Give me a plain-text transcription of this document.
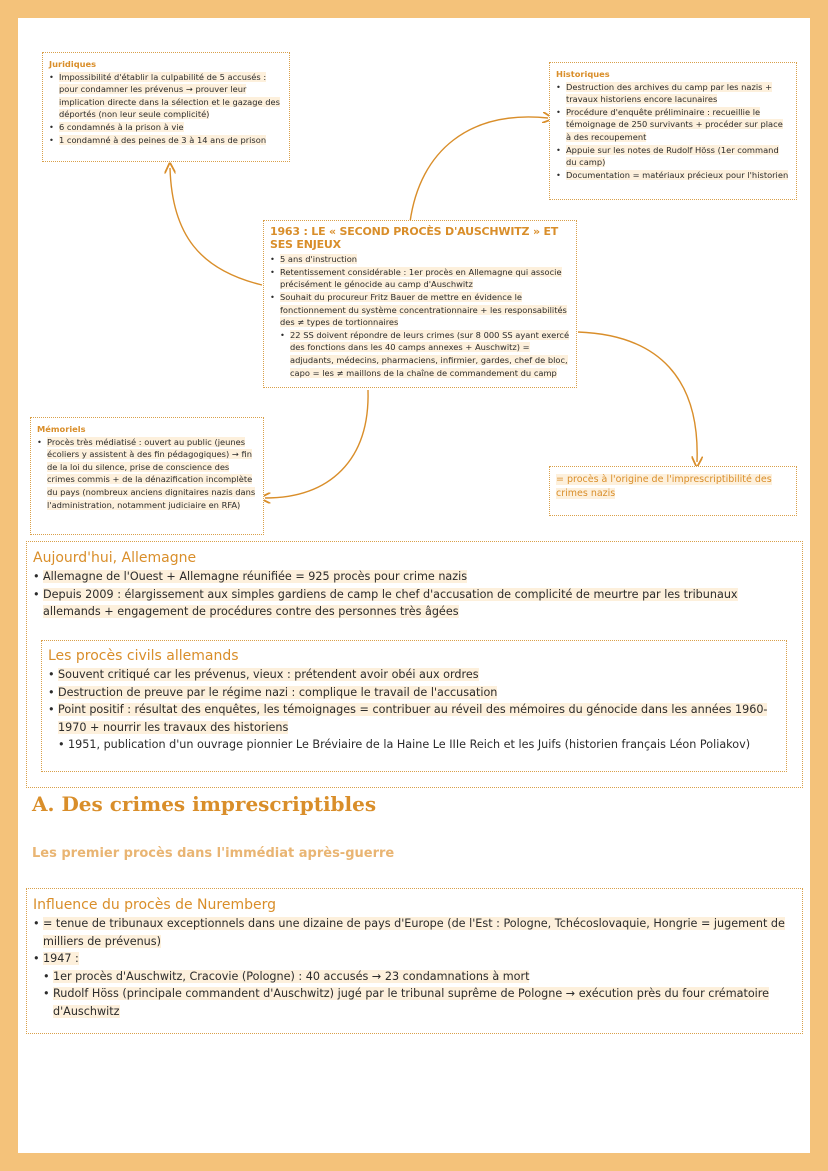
Juridiques
• Impossibilité d'établir la culpabilité de 5 accusés : pour condamner les prévenus → prouver leur implication directe dans la sélection et le gazage des déportés (non leur seule complicité)
• 6 condamnés à la prison à vie
• 1 condamné à des peines de 3 à 14 ans de prison
Historiques
• Destruction des archives du camp par les nazis + travaux historiens encore lacunaires
• Procédure d'enquête préliminaire : recueillie le témoignage de 250 survivants + procéder sur place à des recoupement
• Appuie sur les notes de Rudolf Höss (1er command du camp)
• Documentation = matériaux précieux pour l'historien
1963 : LE « SECOND PROCÈS D'AUSCHWITZ » ET SES ENJEUX
• 5 ans d'instruction
• Retentissement considérable : 1er procès en Allemagne qui associe précisément le génocide au camp d'Auschwitz
• Souhait du procureur Fritz Bauer de mettre en évidence le fonctionnement du système concentrationnaire + les responsabilités des ≠ types de tortionnaires
• 22 SS doivent répondre de leurs crimes (sur 8 000 SS ayant exercé des fonctions dans les 40 camps annexes + Auschwitz) = adjudants, médecins, pharmaciens, infirmier, gardes, chef de bloc, capo = les ≠ maillons de la chaîne de commandement du camp
Mémoriels
• Procès très médiatisé : ouvert au public (jeunes écoliers y assistent à des fin pédagogiques) → fin de la loi du silence, prise de conscience des crimes commis + de la dénazification incomplète du pays (nombreux anciens dignitaires nazis dans l'administration, notamment judiciaire en RFA)
= procès à l'origine de l'imprescriptibilité des crimes nazis
Aujourd'hui, Allemagne
• Allemagne de l'Ouest + Allemagne réunifiée = 925 procès pour crime nazis
• Depuis 2009 : élargissement aux simples gardiens de camp le chef d'accusation de complicité de meurtre par les tribunaux allemands + engagement de procédures contre des personnes très âgées
Les procès civils allemands
• Souvent critiqué car les prévenus, vieux : prétendent avoir obéi aux ordres
• Destruction de preuve par le régime nazi : complique le travail de l'accusation
• Point positif : résultat des enquêtes, les témoignages = contribuer au réveil des mémoires du génocide dans les années 1960-1970 + nourrir les travaux des historiens
• 1951, publication d'un ouvrage pionnier Le Bréviaire de la Haine Le IIIe Reich et les Juifs (historien français Léon Poliakov)
A. Des crimes imprescriptibles
Les premier procès dans l'immédiat après-guerre
Influence du procès de Nuremberg
• = tenue de tribunaux exceptionnels dans une dizaine de pays d'Europe (de l'Est : Pologne, Tchécoslovaquie, Hongrie = jugement de milliers de prévenus)
• 1947 :
• 1er procès d'Auschwitz, Cracovie (Pologne) : 40 accusés → 23 condamnations à mort
• Rudolf Höss (principale commandent d'Auschwitz) jugé par le tribunal suprême de Pologne → exécution près du four crématoire d'Auschwitz
